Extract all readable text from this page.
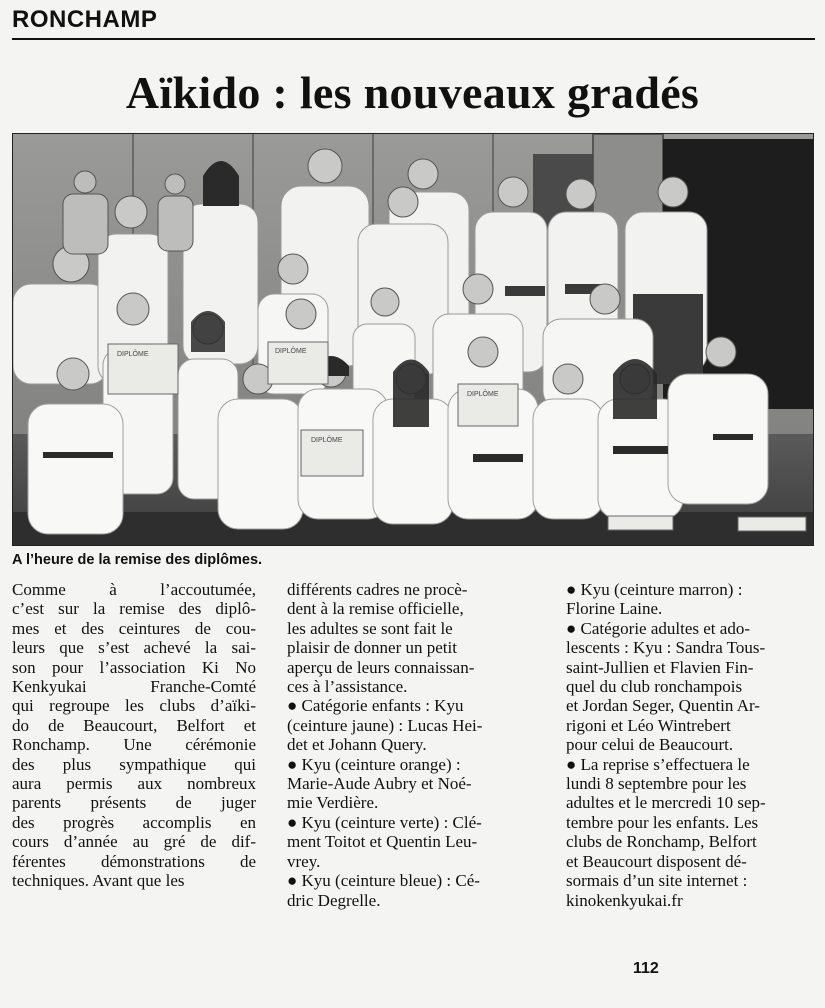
RONCHAMP
Aïkido : les nouveaux gradés
DIPLÔME	DIPLÔME
DIPLÔME
DIPLÔME
A l’heure de la remise des diplômes.
Comme à l’accoutumée,
c’est sur la remise des diplô-
mes et des ceintures de cou-
leurs que s’est achevé la sai-
son pour l’association Ki No
Kenkyukai Franche-Comté
qui regroupe les clubs d’aïki-
do de Beaucourt, Belfort et
Ronchamp. Une cérémonie
des plus sympathique qui
aura permis aux nombreux
parents présents de juger
des progrès accomplis en
cours d’année au gré de dif-
férentes démonstrations de
techniques. Avant que les
différents cadres ne procè-
dent à la remise officielle,
les adultes se sont fait le
plaisir de donner un petit
aperçu de leurs connaissan-
ces à l’assistance.
● Catégorie enfants : Kyu
(ceinture jaune) : Lucas Hei-
det et Johann Query.
● Kyu (ceinture orange) :
Marie-Aude Aubry et Noé-
mie Verdière.
● Kyu (ceinture verte) : Clé-
ment Toitot et Quentin Leu-
vrey.
● Kyu (ceinture bleue) : Cé-
dric Degrelle.
● Kyu (ceinture marron) :
Florine Laine.
● Catégorie adultes et ado-
lescents : Kyu : Sandra Tous-
saint-Jullien et Flavien Fin-
quel du club ronchampois
et Jordan Seger, Quentin Ar-
rigoni et Léo Wintrebert
pour celui de Beaucourt.
● La reprise s’effectuera le
lundi 8 septembre pour les
adultes et le mercredi 10 sep-
tembre pour les enfants. Les
clubs de Ronchamp, Belfort
et Beaucourt disposent dé-
sormais d’un site internet :
kinokenkyukai.fr
112
